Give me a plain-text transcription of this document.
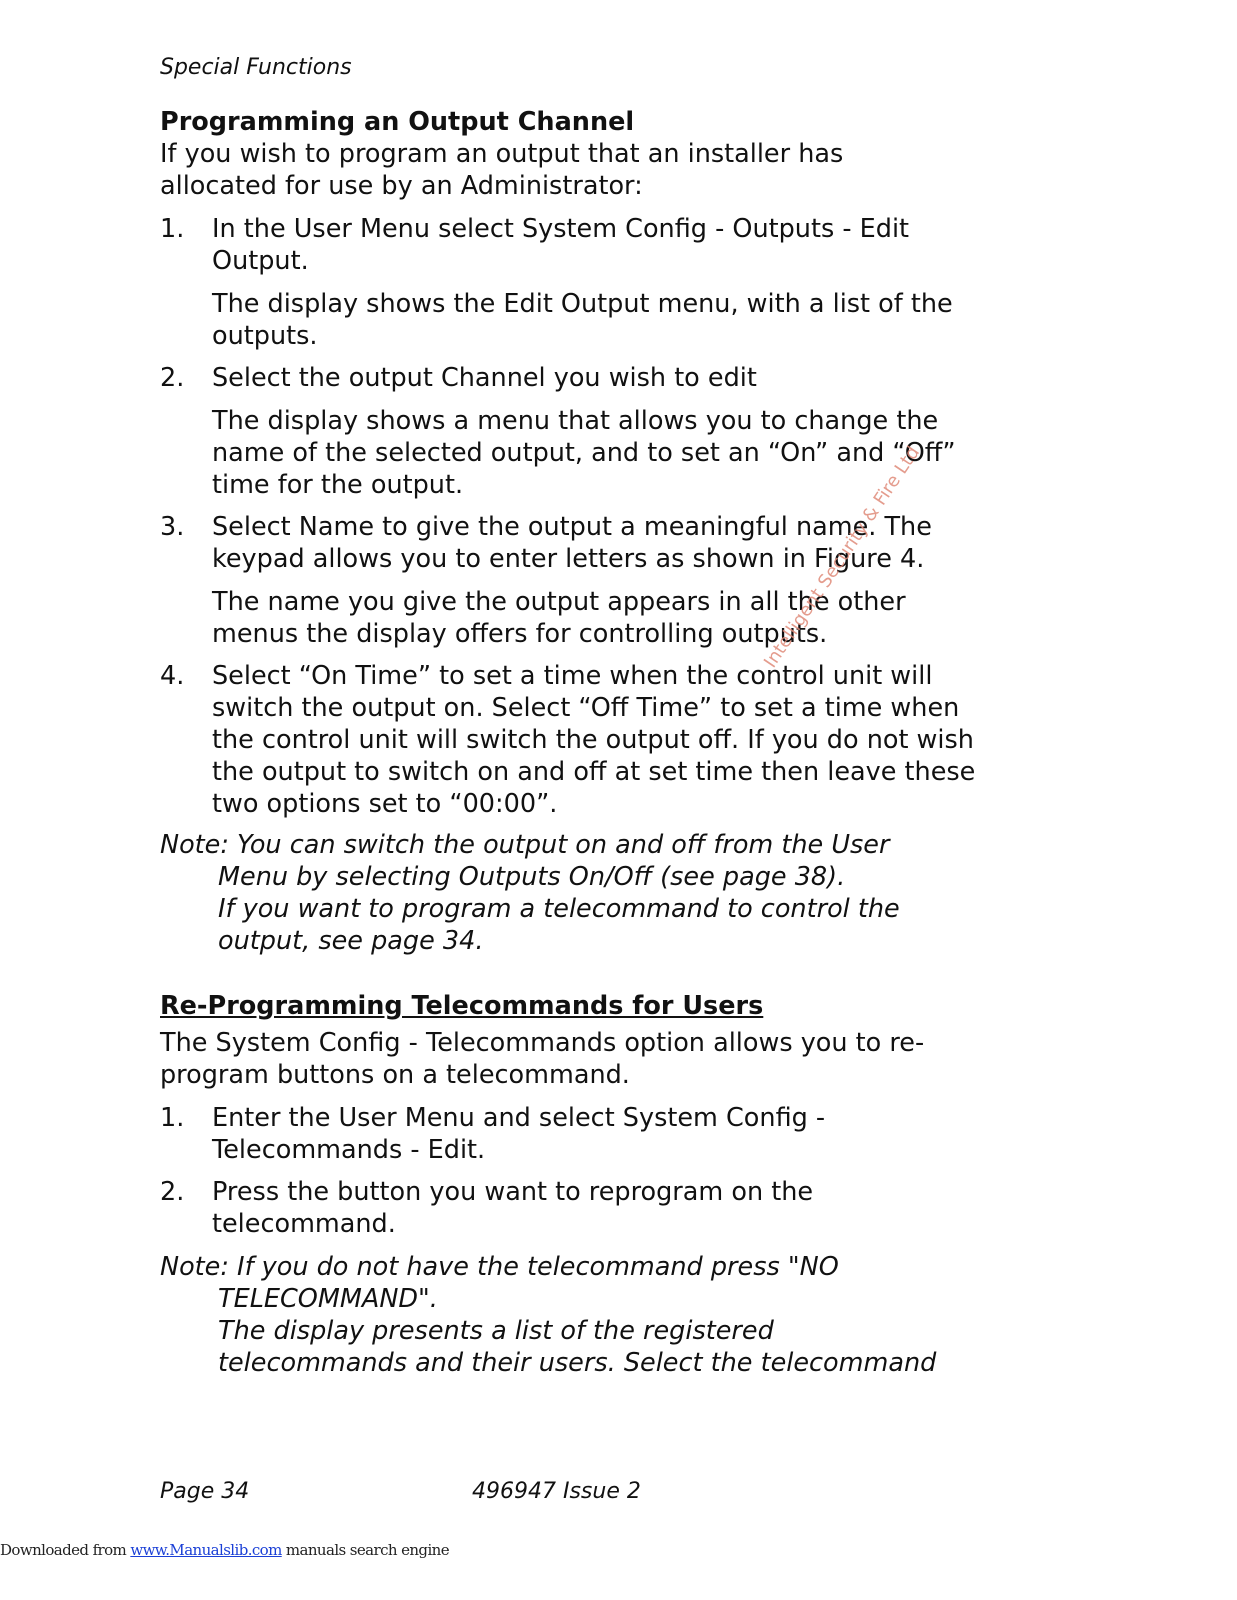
Special Functions
Programming an Output Channel
If you wish to program an output that an installer has allocated for use by an Administrator:
1.	In the User Menu select System Config - Outputs - Edit Output.
The display shows the Edit Output menu, with a list of the outputs.
2.	Select the output Channel you wish to edit
The display shows a menu that allows you to change the name of the selected output, and to set an “On” and “Off” time for the output.
3.	Select Name to give the output a meaningful name. The keypad allows you to enter letters as shown in Figure 4.
The name you give the output appears in all the other menus the display offers for controlling outputs.
4.	Select “On Time” to set a time when the control unit will switch the output on. Select “Off Time” to set a time when the control unit will switch the output off. If you do not wish the output to switch on and off at set time then leave these two options set to “00:00”.
Note: You can switch the output on and off from the User
Menu by selecting Outputs On/Off (see page 38).
If you want to program a telecommand to control the
output, see page 34.
Re-Programming Telecommands for Users
The System Config - Telecommands option allows you to re-program buttons on a telecommand.
1.	Enter the User Menu and select System Config - Telecommands - Edit.
2.	Press the button you want to reprogram on the telecommand.
Note: If you do not have the telecommand press "NO
TELECOMMAND".
The display presents a list of the registered
telecommands and their users. Select the telecommand
Intelligent Security & Fire Ltd
Page 34	496947 Issue 2
Downloaded from www.Manualslib.com manuals search engine
